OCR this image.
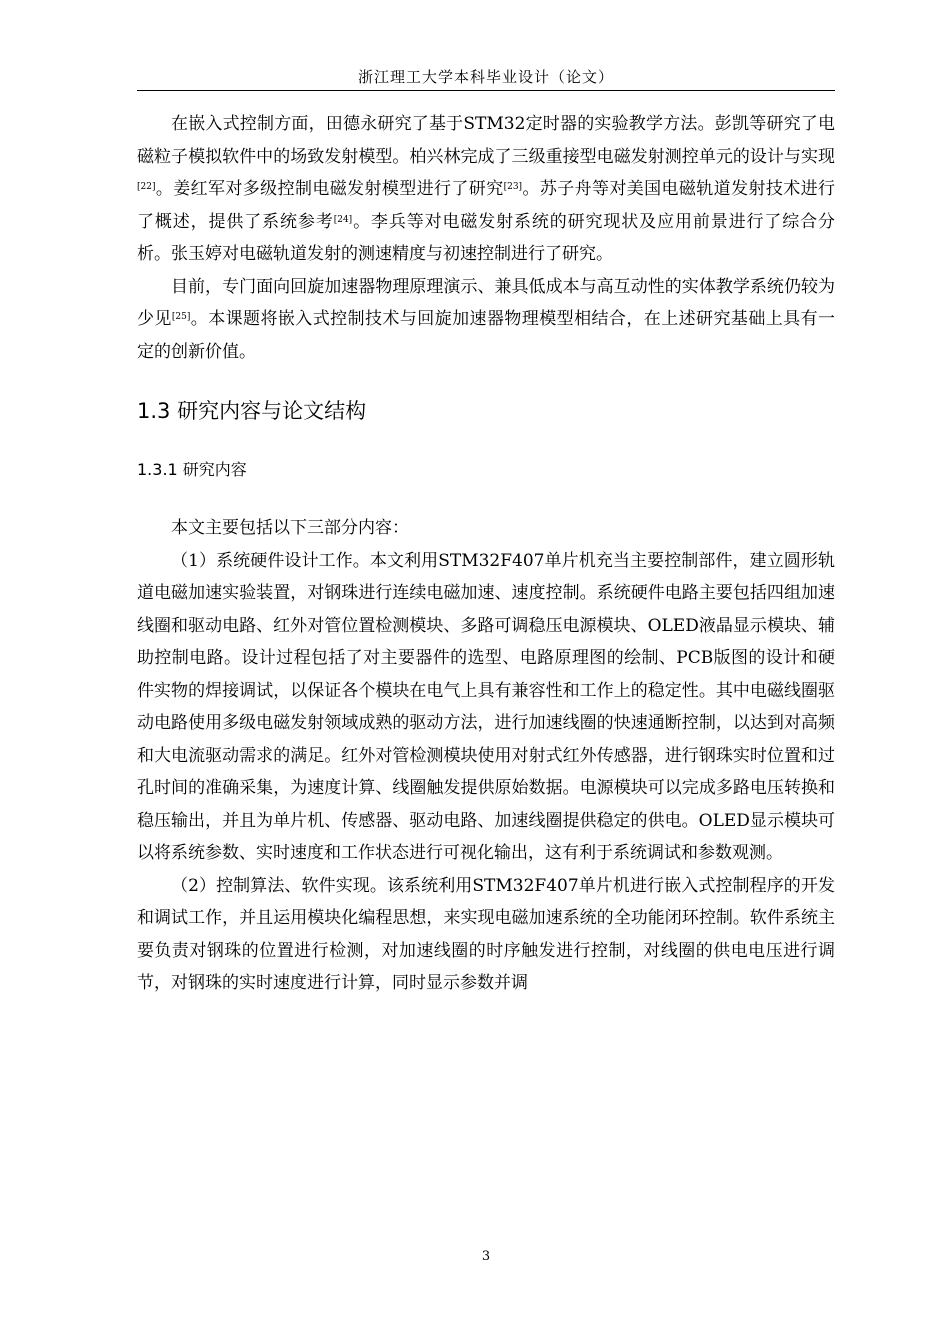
浙江理工大学本科毕业设计（论文）

在嵌入式控制方面，田德永研究了基于STM32定时器的实验教学方法。彭凯等研究了电磁粒子模拟软件中的场致发射模型。柏兴林完成了三级重接型电磁发射测控单元的设计与实现[22]。姜红军对多级控制电磁发射模型进行了研究[23]。苏子舟等对美国电磁轨道发射技术进行了概述，提供了系统参考[24]。李兵等对电磁发射系统的研究现状及应用前景进行了综合分析。张玉婷对电磁轨道发射的测速精度与初速控制进行了研究。

目前，专门面向回旋加速器物理原理演示、兼具低成本与高互动性的实体教学系统仍较为少见[25]。本课题将嵌入式控制技术与回旋加速器物理模型相结合，在上述研究基础上具有一定的创新价值。

1.3 研究内容与论文结构
1.3.1 研究内容

本文主要包括以下三部分内容：

（1）系统硬件设计工作。本文利用STM32F407单片机充当主要控制部件，建立圆形轨道电磁加速实验装置，对钢珠进行连续电磁加速、速度控制。系统硬件电路主要包括四组加速线圈和驱动电路、红外对管位置检测模块、多路可调稳压电源模块、OLED液晶显示模块、辅助控制电路。设计过程包括了对主要器件的选型、电路原理图的绘制、PCB版图的设计和硬件实物的焊接调试，以保证各个模块在电气上具有兼容性和工作上的稳定性。其中电磁线圈驱动电路使用多级电磁发射领域成熟的驱动方法，进行加速线圈的快速通断控制，以达到对高频和大电流驱动需求的满足。红外对管检测模块使用对射式红外传感器，进行钢珠实时位置和过孔时间的准确采集，为速度计算、线圈触发提供原始数据。电源模块可以完成多路电压转换和稳压输出，并且为单片机、传感器、驱动电路、加速线圈提供稳定的供电。OLED显示模块可以将系统参数、实时速度和工作状态进行可视化输出，这有利于系统调试和参数观测。

（2）控制算法、软件实现。该系统利用STM32F407单片机进行嵌入式控制程序的开发和调试工作，并且运用模块化编程思想，来实现电磁加速系统的全功能闭环控制。软件系统主要负责对钢珠的位置进行检测，对加速线圈的时序触发进行控制，对线圈的供电电压进行调节，对钢珠的实时速度进行计算，同时显示参数并调

3
